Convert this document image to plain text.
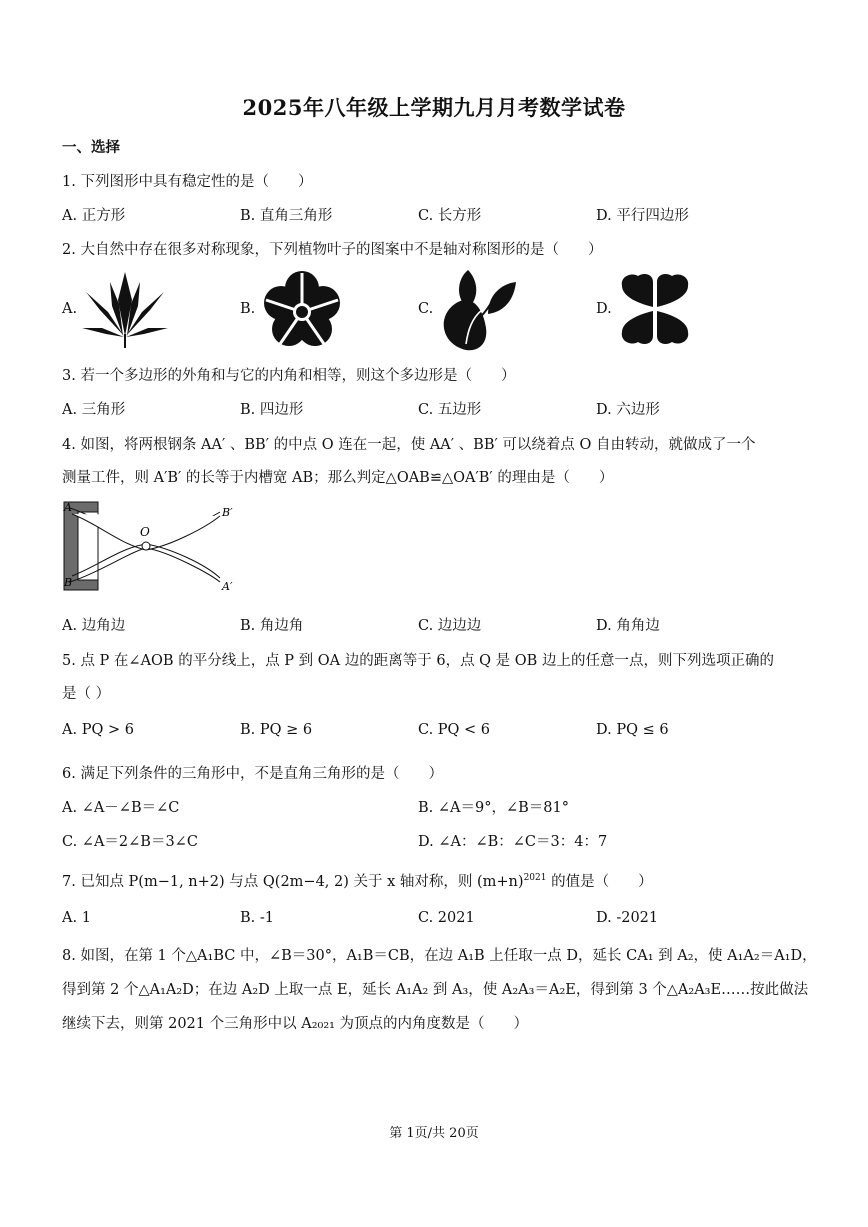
2025年八年级上学期九月月考数学试卷
一、选择
1. 下列图形中具有稳定性的是（　　）
A. 正方形	B. 直角三角形	C. 长方形	D. 平行四边形
2. 大自然中存在很多对称现象，下列植物叶子的图案中不是轴对称图形的是（　　）
A.	B.	C.	D.
3. 若一个多边形的外角和与它的内角和相等，则这个多边形是（　　）
A. 三角形	B. 四边形	C. 五边形	D. 六边形
4. 如图，将两根钢条 AA′ 、BB′ 的中点 O 连在一起，使 AA′ 、BB′ 可以绕着点 O 自由转动，就做成了一个
测量工件，则 A′B′ 的长等于内槽宽 AB；那么判定△OAB≌△OA′B′ 的理由是（　　）
A
B
O
B′
A′
A. 边角边	B. 角边角	C. 边边边	D. 角角边
5. 点 P 在∠AOB 的平分线上，点 P 到 OA 边的距离等于 6，点 Q 是 OB 边上的任意一点，则下列选项正确的
是（ ）
A. PQ > 6	B. PQ ≥ 6	C. PQ < 6	D. PQ ≤ 6
6. 满足下列条件的三角形中，不是直角三角形的是（　　）
A. ∠A－∠B＝∠C	B. ∠A＝9°，∠B＝81°
C. ∠A＝2∠B＝3∠C	D. ∠A：∠B：∠C＝3：4：7
7. 已知点 P(m−1, n+2) 与点 Q(2m−4, 2) 关于 x 轴对称，则 $(m+n)^{2021}$ 的值是（　　）
A. 1	B. -1	C. 2021	D. -2021
8. 如图，在第 1 个△A₁BC 中，∠B＝30°，A₁B＝CB，在边 A₁B 上任取一点 D，延长 CA₁ 到 A₂，使 A₁A₂＝A₁D，
得到第 2 个△A₁A₂D；在边 A₂D 上取一点 E，延长 A₁A₂ 到 A₃，使 A₂A₃＝A₂E，得到第 3 个△A₂A₃E……按此做法
继续下去，则第 2021 个三角形中以 A₂₀₂₁ 为顶点的内角度数是（　　）
第 1页/共 20页
